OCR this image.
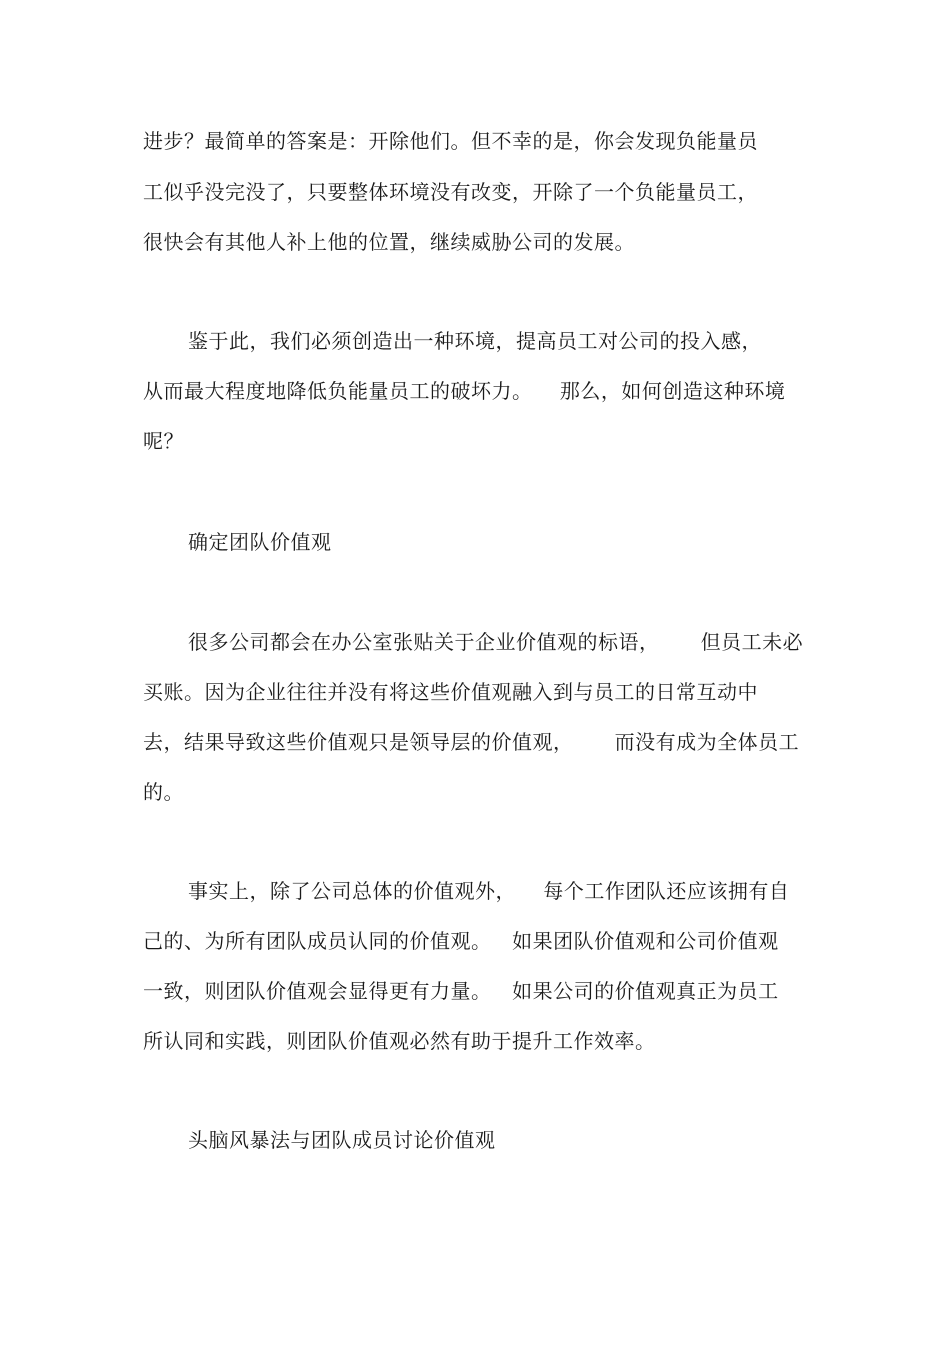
进步？最简单的答案是：开除他们。但不幸的是，你会发现负能量员
工似乎没完没了，只要整体环境没有改变，开除了一个负能量员工，
很快会有其他人补上他的位置，继续威胁公司的发展。
鉴于此，我们必须创造出一种环境，提高员工对公司的投入感，
从而最大程度地降低负能量员工的破坏力。    那么，如何创造这种环境
呢？
确定团队价值观
很多公司都会在办公室张贴关于企业价值观的标语，      但员工未必
买账。因为企业往往并没有将这些价值观融入到与员工的日常互动中
去，结果导致这些价值观只是领导层的价值观，      而没有成为全体员工
的。
事实上，除了公司总体的价值观外，    每个工作团队还应该拥有自
己的、为所有团队成员认同的价值观。   如果团队价值观和公司价值观
一致，则团队价值观会显得更有力量。   如果公司的价值观真正为员工
所认同和实践，则团队价值观必然有助于提升工作效率。
头脑风暴法与团队成员讨论价值观
